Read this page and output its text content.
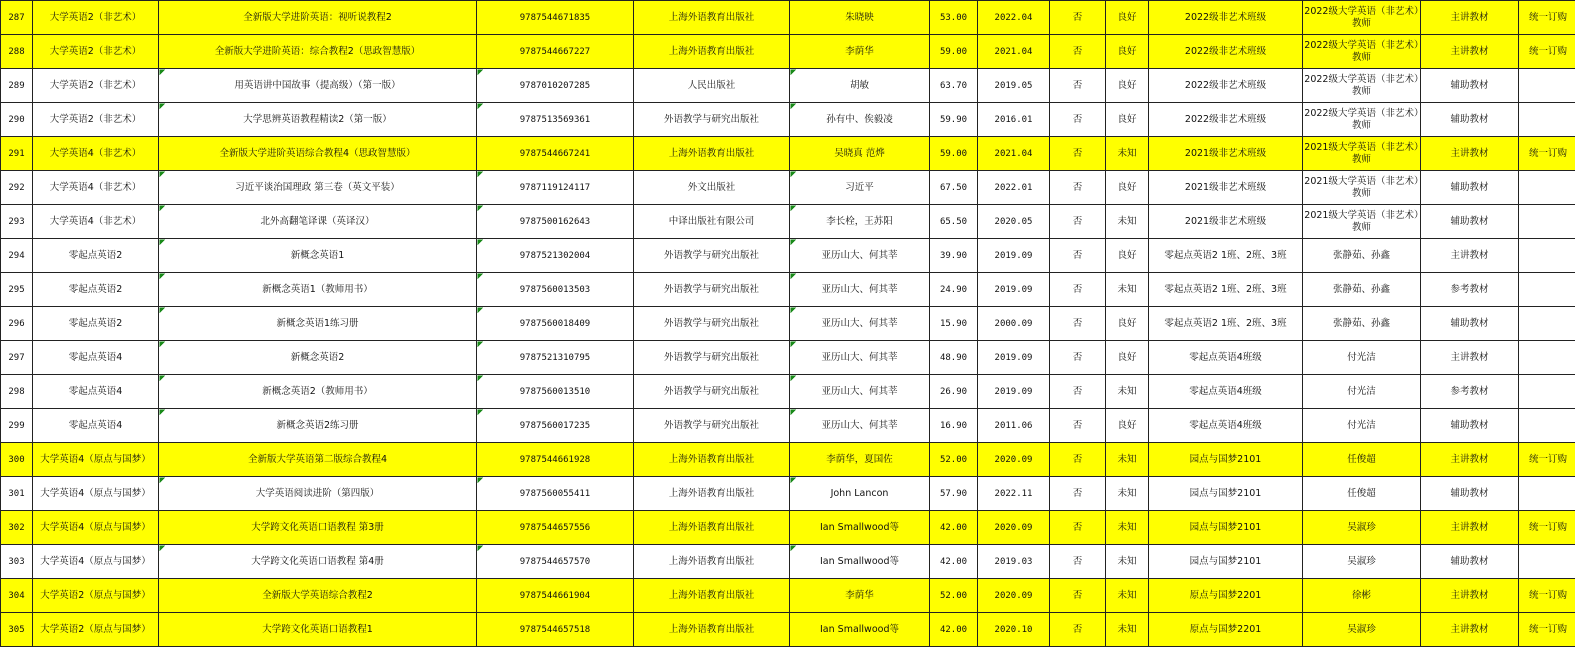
287	大学英语2（非艺术）	全新版大学进阶英语：视听说教程2	9787544671835	上海外语教育出版社	朱晓映	53.00	2022.04	否	良好	2022级非艺术班级	2022级大学英语（非艺术）教师	主讲教材	统一订购
288	大学英语2（非艺术）	全新版大学进阶英语：综合教程2（思政智慧版）	9787544667227	上海外语教育出版社	李荫华	59.00	2021.04	否	良好	2022级非艺术班级	2022级大学英语（非艺术）教师	主讲教材	统一订购
289	大学英语2（非艺术）	用英语讲中国故事（提高级）（第一版）	9787010207285	人民出版社	胡敏	63.70	2019.05	否	良好	2022级非艺术班级	2022级大学英语（非艺术）教师	辅助教材	
290	大学英语2（非艺术）	大学思辨英语教程精读2（第一版）	9787513569361	外语教学与研究出版社	孙有中、俟毅凌	59.90	2016.01	否	良好	2022级非艺术班级	2022级大学英语（非艺术）教师	辅助教材	
291	大学英语4（非艺术）	全新版大学进阶英语综合教程4（思政智慧版）	9787544667241	上海外语教育出版社	吴晓真 范烨	59.00	2021.04	否	未知	2021级非艺术班级	2021级大学英语（非艺术）教师	主讲教材	统一订购
292	大学英语4（非艺术）	习近平谈治国理政 第三卷（英文平装）	9787119124117	外文出版社	习近平	67.50	2022.01	否	良好	2021级非艺术班级	2021级大学英语（非艺术）教师	辅助教材	
293	大学英语4（非艺术）	北外高翻笔译课（英译汉）	9787500162643	中译出版社有限公司	李长栓，王苏阳	65.50	2020.05	否	未知	2021级非艺术班级	2021级大学英语（非艺术）教师	辅助教材	
294	零起点英语2	新概念英语1	9787521302004	外语教学与研究出版社	亚历山大、何其莘	39.90	2019.09	否	良好	零起点英语2 1班、2班、3班	张静茹、孙鑫	主讲教材	
295	零起点英语2	新概念英语1（教师用书）	9787560013503	外语教学与研究出版社	亚历山大、何其莘	24.90	2019.09	否	未知	零起点英语2 1班、2班、3班	张静茹、孙鑫	参考教材	
296	零起点英语2	新概念英语1练习册	9787560018409	外语教学与研究出版社	亚历山大、何其莘	15.90	2000.09	否	良好	零起点英语2 1班、2班、3班	张静茹、孙鑫	辅助教材	
297	零起点英语4	新概念英语2	9787521310795	外语教学与研究出版社	亚历山大、何其莘	48.90	2019.09	否	良好	零起点英语4班级	付光洁	主讲教材	
298	零起点英语4	新概念英语2（教师用书）	9787560013510	外语教学与研究出版社	亚历山大、何其莘	26.90	2019.09	否	未知	零起点英语4班级	付光洁	参考教材	
299	零起点英语4	新概念英语2练习册	9787560017235	外语教学与研究出版社	亚历山大、何其莘	16.90	2011.06	否	良好	零起点英语4班级	付光洁	辅助教材	
300	大学英语4（原点与国梦）	全新版大学英语第二版综合教程4	9787544661928	上海外语教育出版社	李荫华，夏国佐	52.00	2020.09	否	未知	园点与国梦2101	任俊超	主讲教材	统一订购
301	大学英语4（原点与国梦）	大学英语阅读进阶（第四版）	9787560055411	上海外语教育出版社	John Lancon	57.90	2022.11	否	未知	园点与国梦2101	任俊超	辅助教材	
302	大学英语4（原点与国梦）	大学跨文化英语口语教程 第3册	9787544657556	上海外语教育出版社	Ian Smallwood等	42.00	2020.09	否	未知	园点与国梦2101	吴淑珍	主讲教材	统一订购
303	大学英语4（原点与国梦）	大学跨文化英语口语教程 第4册	9787544657570	上海外语教育出版社	Ian Smallwood等	42.00	2019.03	否	未知	园点与国梦2101	吴淑珍	辅助教材	
304	大学英语2（原点与国梦）	全新版大学英语综合教程2	9787544661904	上海外语教育出版社	李荫华	52.00	2020.09	否	未知	原点与国梦2201	徐彬	主讲教材	统一订购
305	大学英语2（原点与国梦）	大学跨文化英语口语教程1	9787544657518	上海外语教育出版社	Ian Smallwood等	42.00	2020.10	否	未知	原点与国梦2201	吴淑珍	主讲教材	统一订购
